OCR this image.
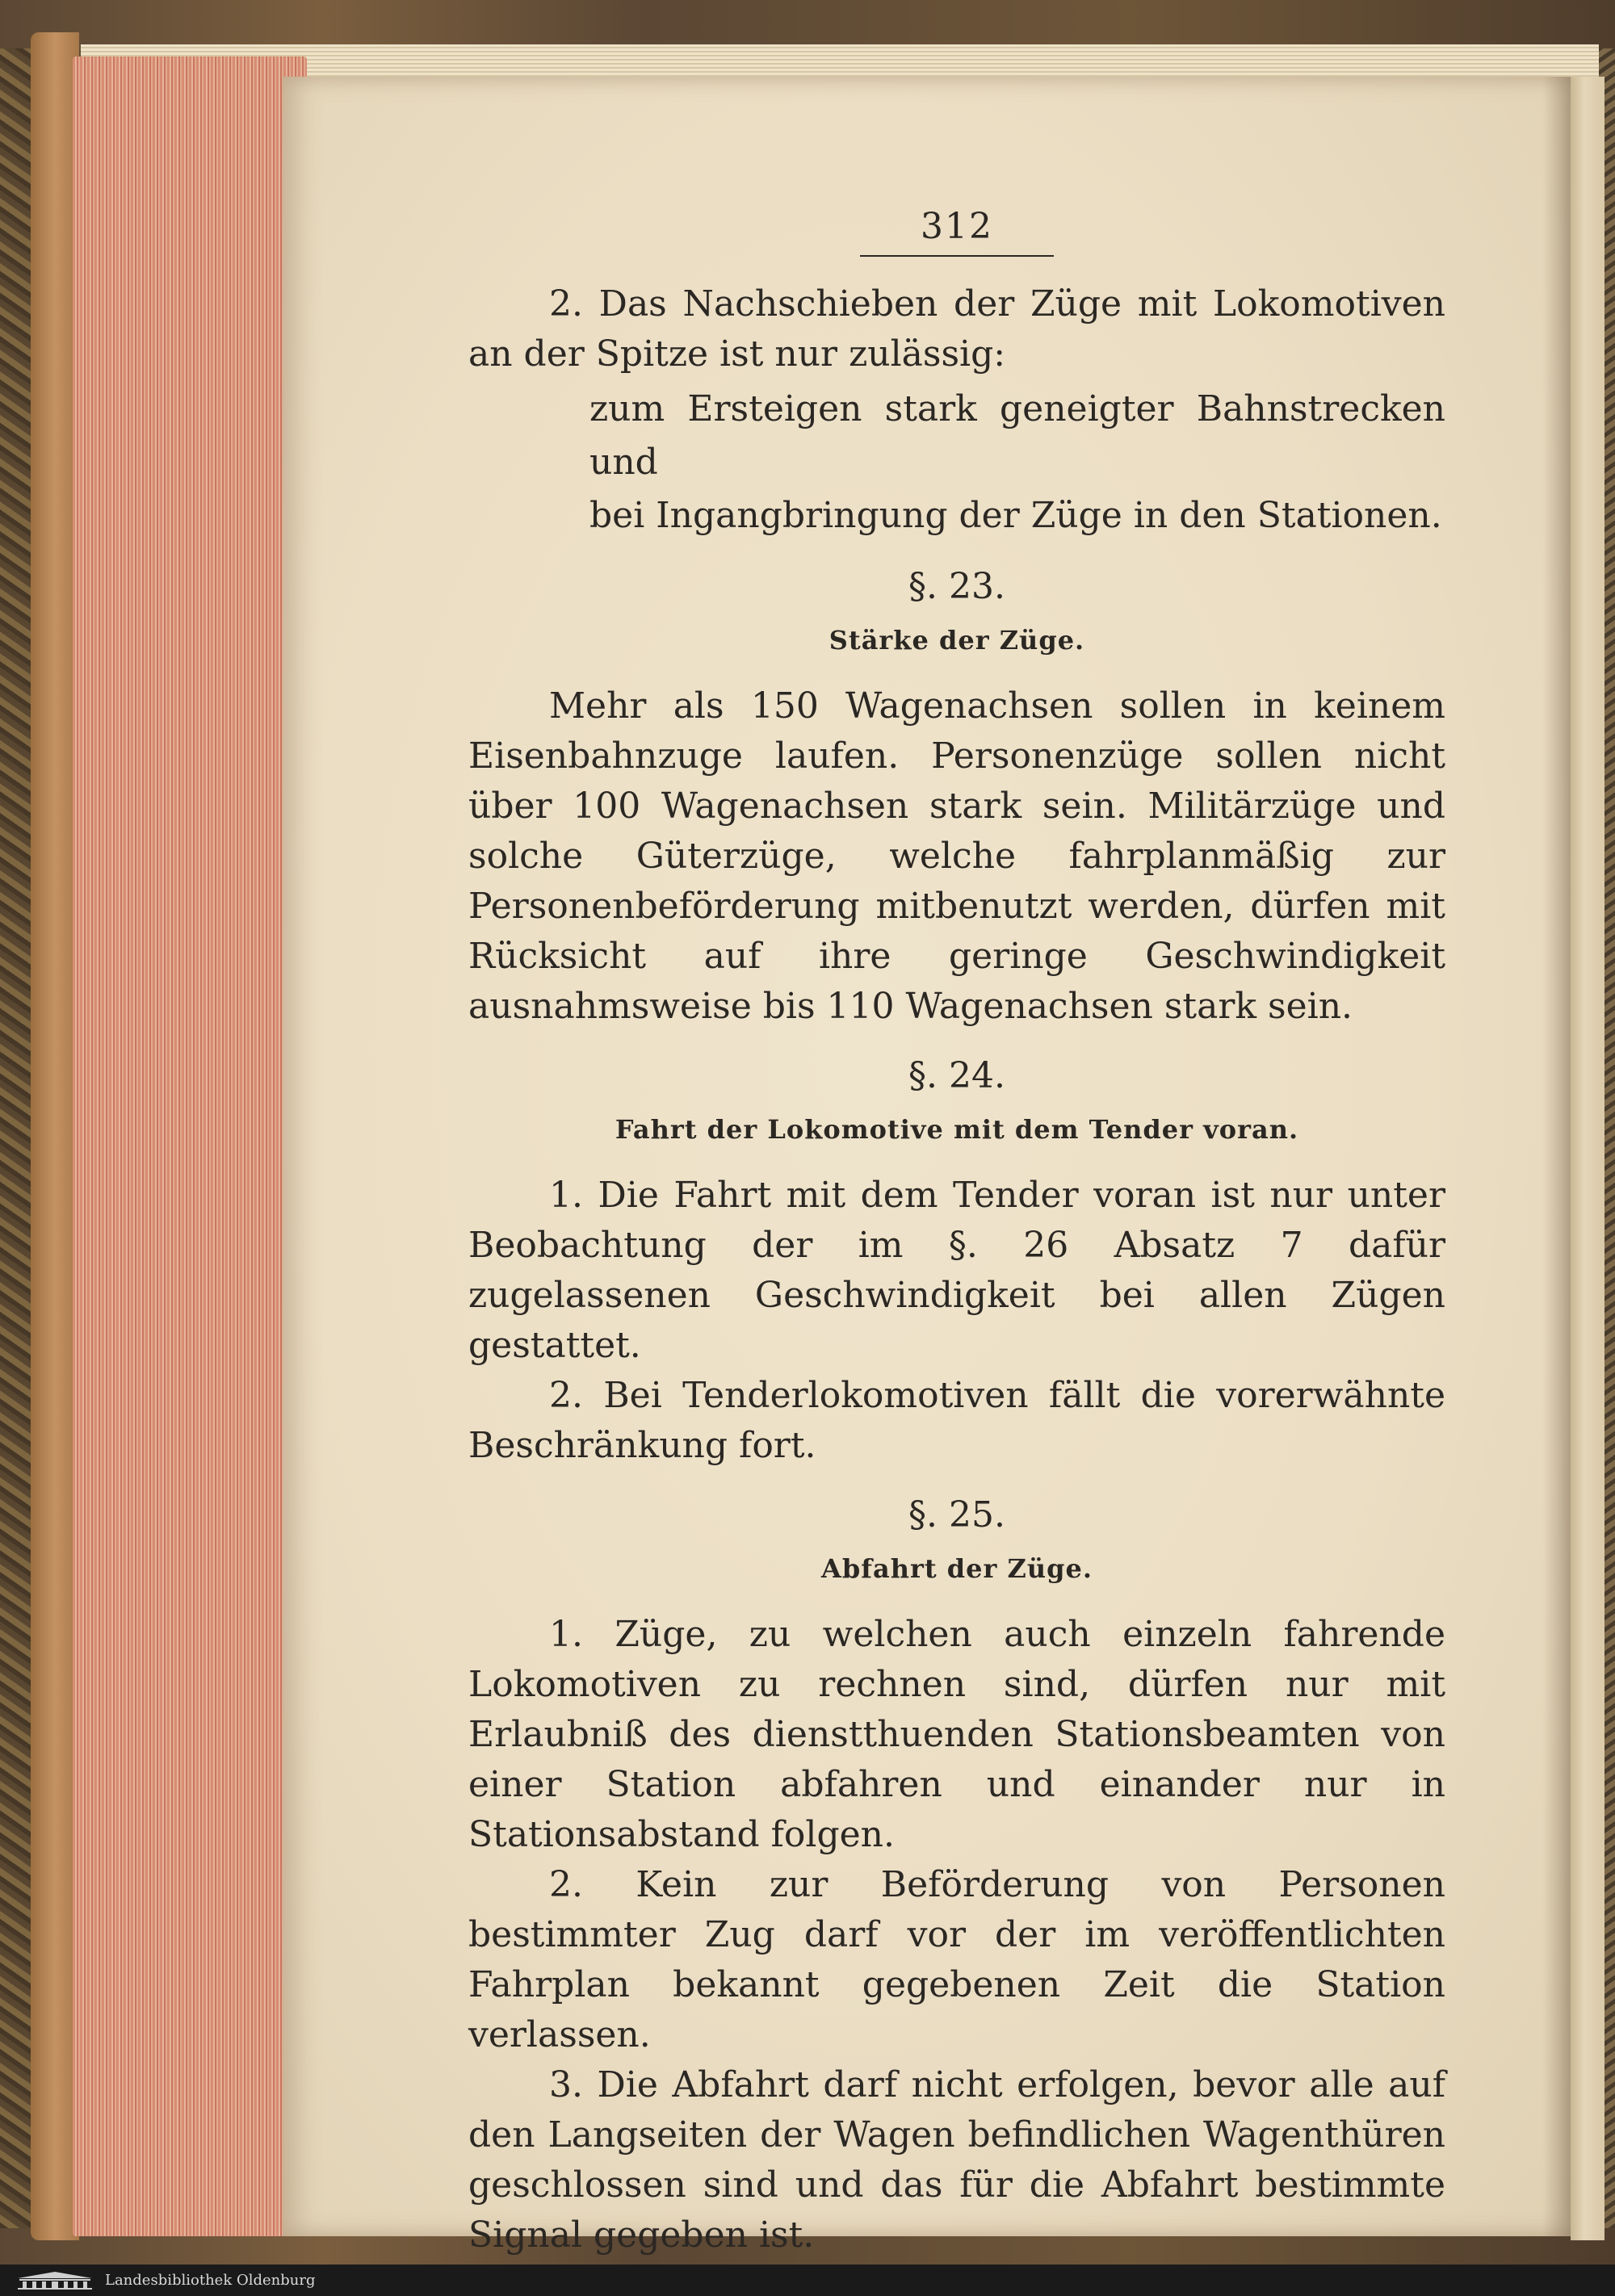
312

2. Das Nachschieben der Züge mit Lokomotiven an der Spitze ist nur zulässig:

zum Ersteigen stark geneigter Bahnstrecken und
bei Ingangbringung der Züge in den Stationen.
§. 23.
Stärke der Züge.

Mehr als 150 Wagenachsen sollen in keinem Eisenbahnzuge laufen. Personenzüge sollen nicht über 100 Wagenachsen stark sein. Militärzüge und solche Güterzüge, welche fahrplanmäßig zur Personenbeförderung mitbenutzt werden, dürfen mit Rücksicht auf ihre geringe Geschwindigkeit ausnahmsweise bis 110 Wagenachsen stark sein.

§. 24.
Fahrt der Lokomotive mit dem Tender voran.

1. Die Fahrt mit dem Tender voran ist nur unter Beobachtung der im §. 26 Absatz 7 dafür zugelassenen Geschwindigkeit bei allen Zügen gestattet.

2. Bei Tenderlokomotiven fällt die vorerwähnte Beschränkung fort.

§. 25.
Abfahrt der Züge.

1. Züge, zu welchen auch einzeln fahrende Lokomotiven zu rechnen sind, dürfen nur mit Erlaubniß des dienstthuenden Stationsbeamten von einer Station abfahren und einander nur in Stationsabstand folgen.

2. Kein zur Beförderung von Personen bestimmter Zug darf vor der im veröffentlichten Fahrplan bekannt gegebenen Zeit die Station verlassen.

3. Die Abfahrt darf nicht erfolgen, bevor alle auf den Langseiten der Wagen befindlichen Wagenthüren geschlossen sind und das für die Abfahrt bestimmte Signal gegeben ist.

Landesbibliothek Oldenburg
